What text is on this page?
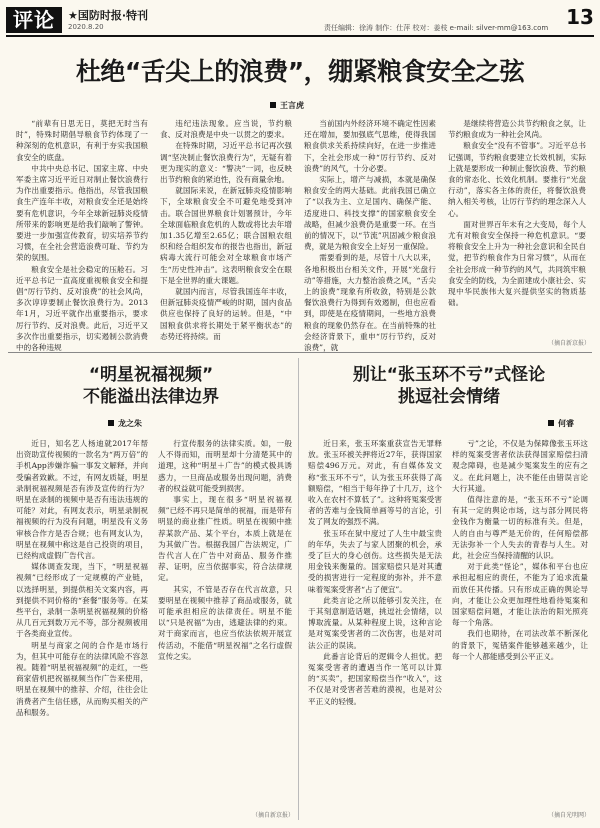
评论	★国防时报·特刊
2020.8.20	责任编辑：徐涛 制作：仕萍 校对：姜枝 e-mail: silver-mm@163.com 13
杜绝“舌尖上的浪费”，绷紧粮食安全之弦
王言虎

“前辈有日思无日，莫把无时当有时”，特殊时期倡导粮食节约体现了一种深刻的危机意识，有利于夯实我国粮食安全的底盘。

中共中央总书记、国家主席、中央军委主席习近平近日对制止餐饮浪费行为作出重要指示。他指出，尽管我国粮食生产连年丰收，对粮食安全还是始终要有危机意识，今年全球新冠肺炎疫情所带来的影响更是给我们敲响了警钟。要进一步加强宣传教育，切实培养节约习惯，在全社会营造浪费可耻、节约为荣的氛围。

粮食安全是社会稳定的压舱石。习近平总书记一直高度重视粮食安全和提倡“厉行节约、反对浪费”的社会风尚，多次谆谆要制止餐饮浪费行为。2013年1月，习近平就作出重要指示，要求厉行节约、反对浪费。此后，习近平又多次作出重要指示，切实遏制公款消费中的各种违规

违纪违法现象。应当说，节约粮食、反对浪费是中央一以贯之的要求。

在特殊时期，习近平总书记再次强调“坚决制止餐饮浪费行为”，无疑有着更为现实的意义：“警决”一词，也反映出节约粮食的紧迫性，没有商量余地。

就国际来说，在新冠肺炎疫情影响下，全球粮食安全不可避免地受到冲击。联合国世界粮食计划署预计，今年全球面临粮食危机的人数或将比去年增加1.35亿增至2.65亿；联合国粮农组织和经合组织发布的报告也指出，新冠病毒大流行可能会对全球粮食市场产生“历史性冲击”。这表明粮食安全在眼下是全世界的重大课题。

就国内而言，尽管我国连年丰收，但新冠肺炎疫情严峻的时期，国内食品供应也保持了良好的运转。但是，“中国粮食供求将长期处于紧平衡状态”的态势还将持续。而

当前国内外经济环境不确定性因素还在增加，要加强底气思维，使得我国粮食供求关系持续向好，在进一步推进下，全社会形成一种“厉行节约、反对浪费”的风气，十分必要。

实际上，增产与减损，本就是确保粮食安全的两大基础。此前我国已确立了“以我为主、立足国内、确保产能、适度进口、科技支撑”的国家粮食安全战略，但减少浪费仍是重要一环。在当前的情况下，以“节流”巩固减少粮食浪费，就是为粮食安全上好另一重保险。

需要看到的是，尽管十八大以来，各地积极出台相关文件，开展“光盘行动”等措施，大力整治浪费之风，“舌尖上的浪费”现象有所收敛，特别是公款餐饮浪费行为得到有效遏制，但也应看到，即使是在疫情期间，一些地方浪费粮食的现象仍然存在。在当前特殊的社会经济背景下，重申“厉行节约，反对浪费”，就

是继续将营造公共节约粮食之氛，让节约粮食成为一种社会风尚。

粮食安全“没有不管事”。习近平总书记强调，节约粮食要建立长效机制，实际上就是要形成一种制止餐饮浪费、节约粮食的常态化、长效化机制。要推行“光盘行动”，落实各主体的责任，将餐饮浪费纳入相关考核，让厉行节约的理念深入人心。

面对世界百年未有之大变局，每个人尤有对粮食安全保持一种危机意识。“要将粮食安全上升为一种社会意识和全民自觉，把节约粮食作为日常习惯”，从而在全社会形成一种节约的风气，共同筑牢粮食安全的防线，为全面建成小康社会、实现中华民族伟大复兴提供坚实的物质基础。

（摘自新京报）
“明星祝福视频”
不能溢出法律边界
龙之朱

近日，知名艺人杨迪就2017年帮出资助宣传视频的一款名为“两万倍”的手机App涉嫌诈骗一事发文解释，并向受骗者致歉。不过，有网友质疑，明星录制祝福视频是否有涉及宣传的行为？明星在录制的视频中是否有违法违规的可能？对此，有网友表示，明星录制祝福视频的行为没有问题，明星没有义务审核合作方是否合规；也有网友认为，明星在视频中称这是自己投资的项目，已经构成虚假广告代言。

媒体调查发现，当下，“明星祝福视频”已经形成了一定规模的产业链，以选择明星，到提供相关文案内容，再到提供不同价格的“套餐”服务等。在某些平台，录制一条明星祝福视频的价格从几百元到数万元不等，部分视频被用于各类商业宣传。

明星与商家之间的合作是市场行为，但其中可能存在的法律风险不容忽视。随着“明星祝福视频”的走红，一些商家借机把祝福视频当作广告来使用，明星在视频中的推荐、介绍，往往会让消费者产生信任感，从而购买相关的产品和服务。

行宣传服务的法律实质。如，一般人不得而知，而明星却十分清楚其中的道理，这种“明星＋广告”的模式极具诱惑力，一旦商品或服务出现问题，消费者的权益就可能受到损害。

事实上，现在很多“明星祝福视频”已经不再只是简单的祝福，而是带有明显的商业推广性质。明星在视频中推荐某款产品、某个平台，本质上就是在为其做广告。根据我国广告法规定，广告代言人在广告中对商品、服务作推荐、证明，应当依据事实，符合法律规定。

其实，不管是否存在代言故意，只要明星在视频中推荐了商品或服务，就可能承担相应的法律责任。明星不能以“只是祝福”为由，逃避法律的约束。对于商家而言，也应当依法依规开展宣传活动，不能借“明星祝福”之名行虚假宣传之实。

（摘自新京报）
别让“张玉环不亏”式怪论
挑逗社会情绪
何睿

近日来，张玉环案重获宣告无罪释放。张玉环被关押将近27年，获得国家赔偿496万元。对此，有自媒体发文称“张玉环不亏”，认为张玉环获得了高额赔偿，“相当于每年挣了十几万，这个收入在农村不算低了”。这种将冤案受害者的苦难与金钱简单画等号的言论，引发了网友的强烈不满。

张玉环在狱中度过了人生中最宝贵的年华，失去了与家人团聚的机会，承受了巨大的身心创伤。这些损失是无法用金钱来衡量的。国家赔偿只是对其遭受的损害进行一定程度的弥补，并不意味着冤案受害者“占了便宜”。

此类言论之所以能够引发关注，在于其刻意制造话题，挑逗社会情绪，以博取流量。从某种程度上说，这种言论是对冤案受害者的二次伤害，也是对司法公正的误读。

此番言论背后的逻辑令人担忧。把冤案受害者的遭遇当作一笔可以计算的“买卖”，把国家赔偿当作“收入”，这不仅是对受害者苦难的漠视，也是对公平正义的轻慢。

亏”之论，不仅是为保障像张玉环这样的冤案受害者依法获得国家赔偿扫清观念障碍，也是减少冤案发生的应有之义。在此问题上，决不能任由错误言论大行其道。

值得注意的是，“张玉环不亏”论调有其一定的舆论市场，这与部分网民将金钱作为衡量一切的标准有关。但是，人的自由与尊严是无价的，任何赔偿都无法弥补一个人失去的青春与人生。对此，社会应当保持清醒的认识。

对于此类“怪论”，媒体和平台也应承担起相应的责任，不能为了追求流量而放任其传播。只有形成正确的舆论导向，才能让公众更加理性地看待冤案和国家赔偿问题，才能让法治的阳光照亮每一个角落。

我们也期待，在司法改革不断深化的背景下，冤错案件能够越来越少，让每一个人都能感受到公平正义。

（摘自光明网）
